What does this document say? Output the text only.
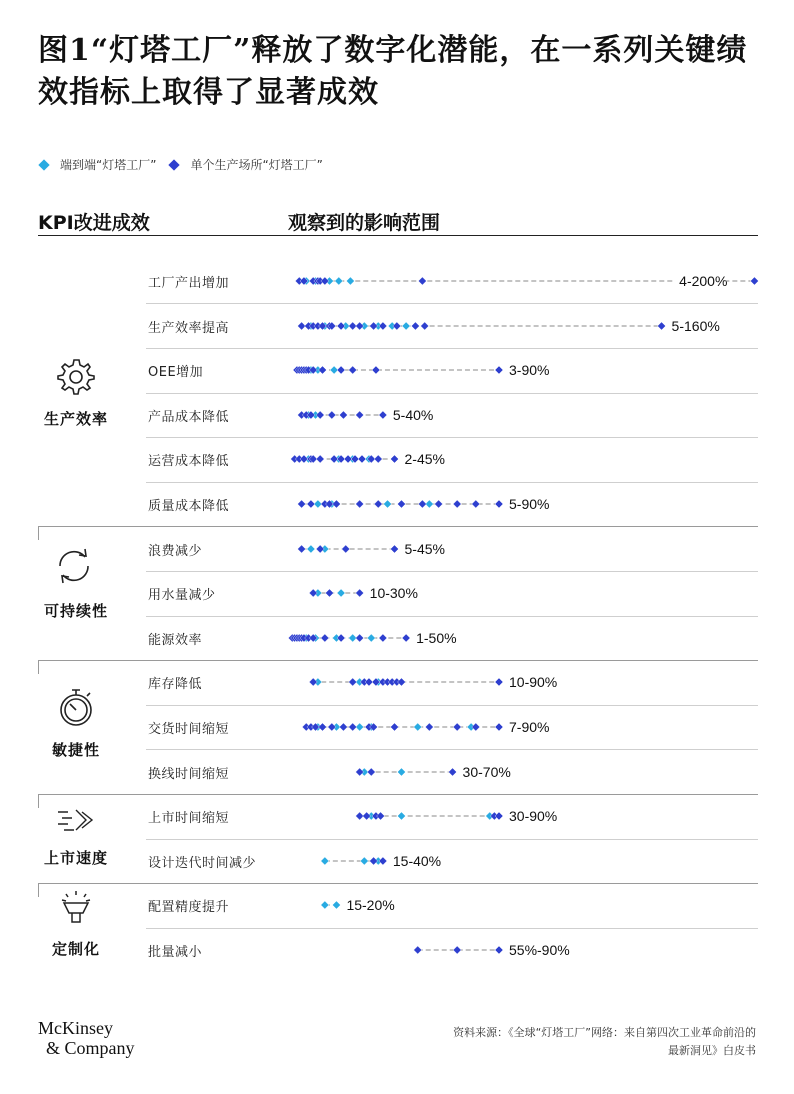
图1“灯塔工厂”释放了数字化潜能，在一系列关键绩效指标上取得了显著成效
端到端“灯塔工厂”	单个生产场所“灯塔工厂”
KPI改进成效	观察到的影响范围
生产效率
可持续性
敏捷性
上市速度
定制化
工厂产出增加
生产效率提高
OEE增加
产品成本降低
运营成本降低
质量成本降低
浪费减少
用水量减少
能源效率
库存降低
交货时间缩短
换线时间缩短
上市时间缩短
设计迭代时间减少
配置精度提升
批量减小
4-200%
5-160%
3-90%
5-40%
2-45%
5-90%
5-45%
10-30%
1-50%
10-90%
7-90%
30-70%
30-90%
15-40%
15-20%
55%-90%
McKinsey
& Company
资料来源：《全球“灯塔工厂”网络：来自第四次工业革命前沿的
最新洞见》白皮书
